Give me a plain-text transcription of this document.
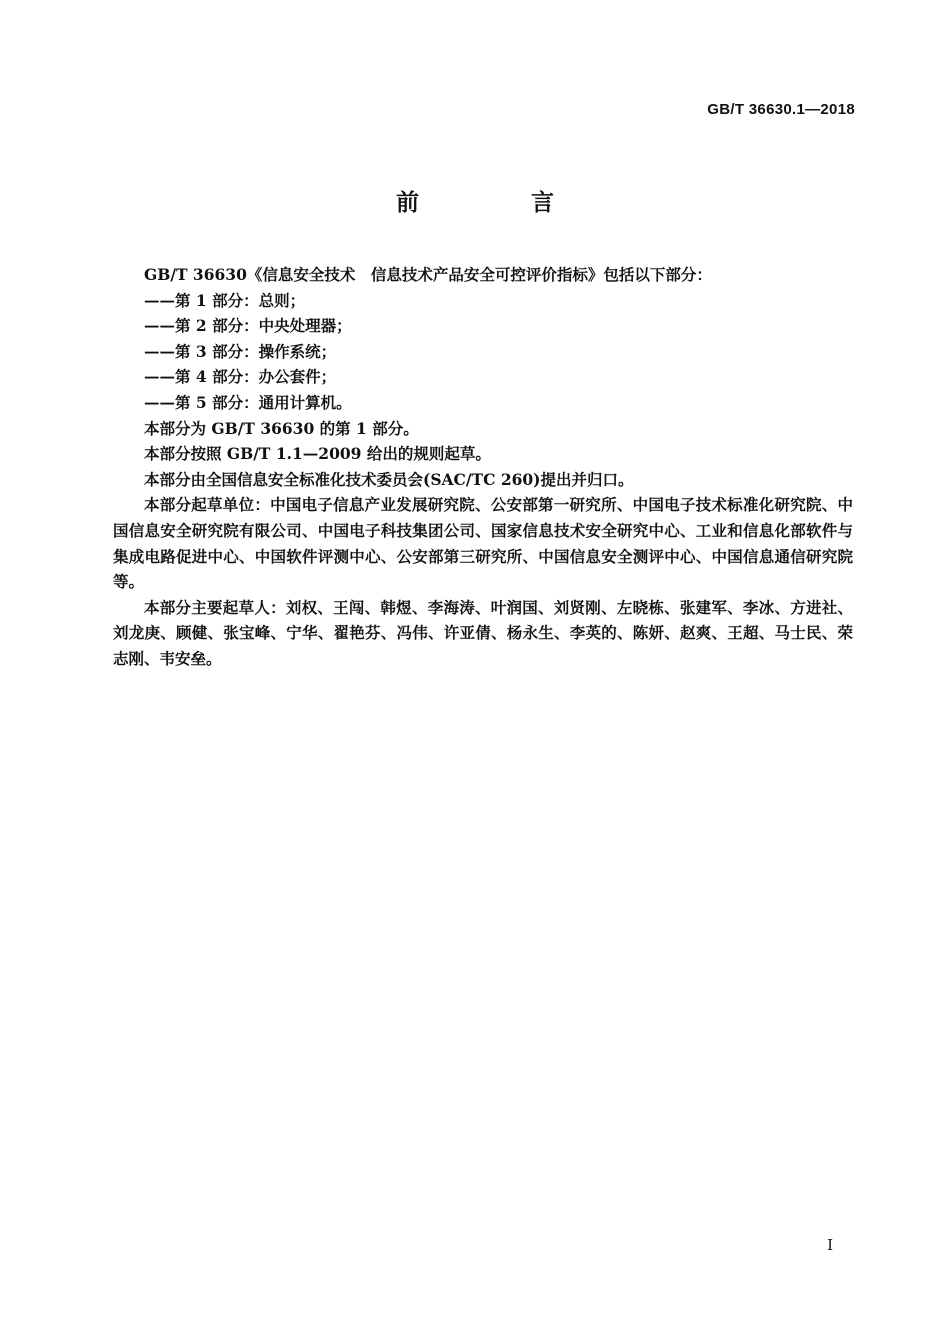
GB/T 36630.1—2018
前 言

GB/T 36630《信息安全技术　信息技术产品安全可控评价指标》包括以下部分：

——第 1 部分：总则；

——第 2 部分：中央处理器；

——第 3 部分：操作系统；

——第 4 部分：办公套件；

——第 5 部分：通用计算机。

本部分为 GB/T 36630 的第 1 部分。

本部分按照 GB/T 1.1—2009 给出的规则起草。

本部分由全国信息安全标准化技术委员会(SAC/TC 260)提出并归口。

本部分起草单位：中国电子信息产业发展研究院、公安部第一研究所、中国电子技术标准化研究院、中国信息安全研究院有限公司、中国电子科技集团公司、国家信息技术安全研究中心、工业和信息化部软件与集成电路促进中心、中国软件评测中心、公安部第三研究所、中国信息安全测评中心、中国信息通信研究院等。

本部分主要起草人：刘权、王闯、韩煜、李海涛、叶润国、刘贤刚、左晓栋、张建军、李冰、方进社、刘龙庚、顾健、张宝峰、宁华、翟艳芬、冯伟、许亚倩、杨永生、李英的、陈妍、赵爽、王超、马士民、荣志刚、韦安垒。

I
